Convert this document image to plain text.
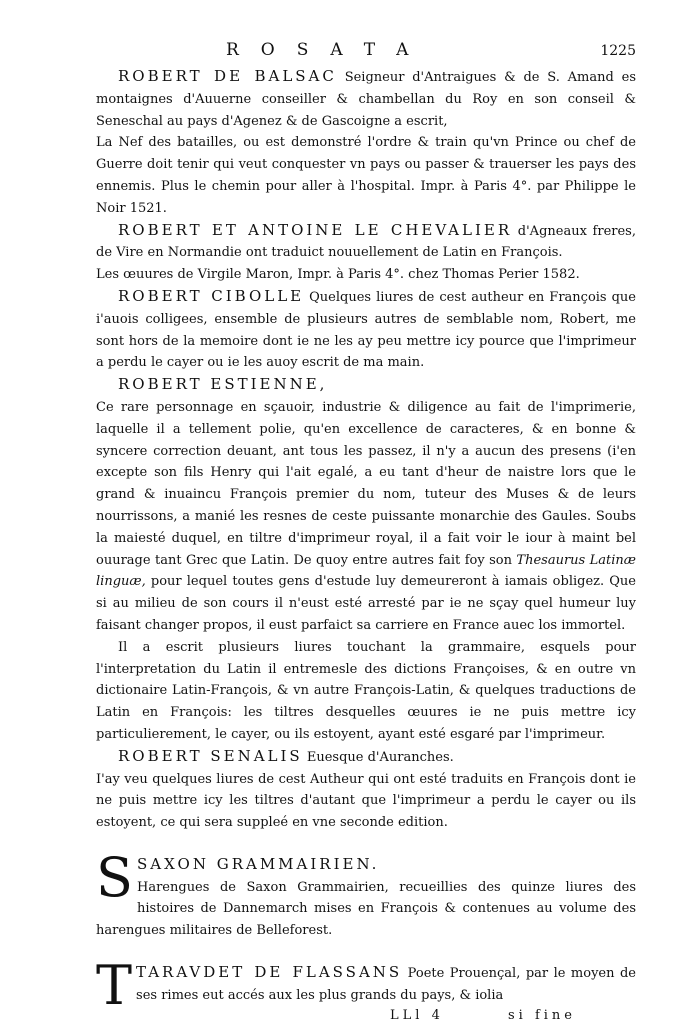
ROSATA	1225

ROBERT DE BALSAC Seigneur d'Antraigues & de S. Amand es montaignes d'Auuerne conseiller & chambellan du Roy en son conseil & Seneschal au pays d'Agenez & de Gascoigne a escrit,

La Nef des batailles, ou est demonstré l'ordre & train qu'vn Prince ou chef de Guerre doit tenir qui veut conquester vn pays ou passer & trauerser les pays des ennemis. Plus le chemin pour aller à l'hospital. Impr. à Paris 4°. par Philippe le Noir 1521.

ROBERT ET ANTOINE LE CHEVALIER d'Agneaux freres, de Vire en Normandie ont traduict nouuellement de Latin en François.

Les œuures de Virgile Maron, Impr. à Paris 4°. chez Thomas Perier 1582.

ROBERT CIBOLLE Quelques liures de cest autheur en François que i'auois colligees, ensemble de plusieurs autres de semblable nom, Robert, me sont hors de la memoire dont ie ne les ay peu mettre icy pource que l'imprimeur a perdu le cayer ou ie les auoy escrit de ma main.

ROBERT ESTIENNE,

Ce rare personnage en sçauoir, industrie & diligence au fait de l'imprimerie, laquelle il a tellement polie, qu'en excellence de caracteres, & en bonne & syncere correction deuant, ant tous les passez, il n'y a aucun des presens (i'en excepte son fils Henry qui l'ait egalé, a eu tant d'heur de naistre lors que le grand & inuaincu François premier du nom, tuteur des Muses & de leurs nourrissons, a manié les resnes de ceste puissante monarchie des Gaules. Soubs la maiesté duquel, en tiltre d'imprimeur royal, il a fait voir le iour à maint bel ouurage tant Grec que Latin. De quoy entre autres fait foy son Thesaurus Latinæ linguæ, pour lequel toutes gens d'estude luy demeureront à iamais obligez. Que si au milieu de son cours il n'eust esté arresté par ie ne sçay quel humeur luy faisant changer propos, il eust parfaict sa carriere en France auec los immortel.

Il a escrit plusieurs liures touchant la grammaire, esquels pour l'interpretation du Latin il entremesle des dictions Françoises, & en outre vn dictionaire Latin-François, & vn autre François-Latin, & quelques traductions de Latin en François: les tiltres desquelles œuures ie ne puis mettre icy particulierement, le cayer, ou ils estoyent, ayant esté esgaré par l'imprimeur.

ROBERT SENALIS Euesque d'Auranches.

I'ay veu quelques liures de cest Autheur qui ont esté traduits en François dont ie ne puis mettre icy les tiltres d'autant que l'imprimeur a perdu le cayer ou ils estoyent, ce qui sera suppleé en vne seconde edition.

S SAXON GRAMMAIRIEN.
Harengues de Saxon Grammairien, recueillies des quinze liures des histoires de Dannemarch mises en François & contenues au volume des harengues militaires de Belleforest.

T TARAVDET DE FLASSANS Poete Prouençal, par le moyen de ses rimes eut accés aux les plus grands du pays, & iolia

LLl 4	si fine
